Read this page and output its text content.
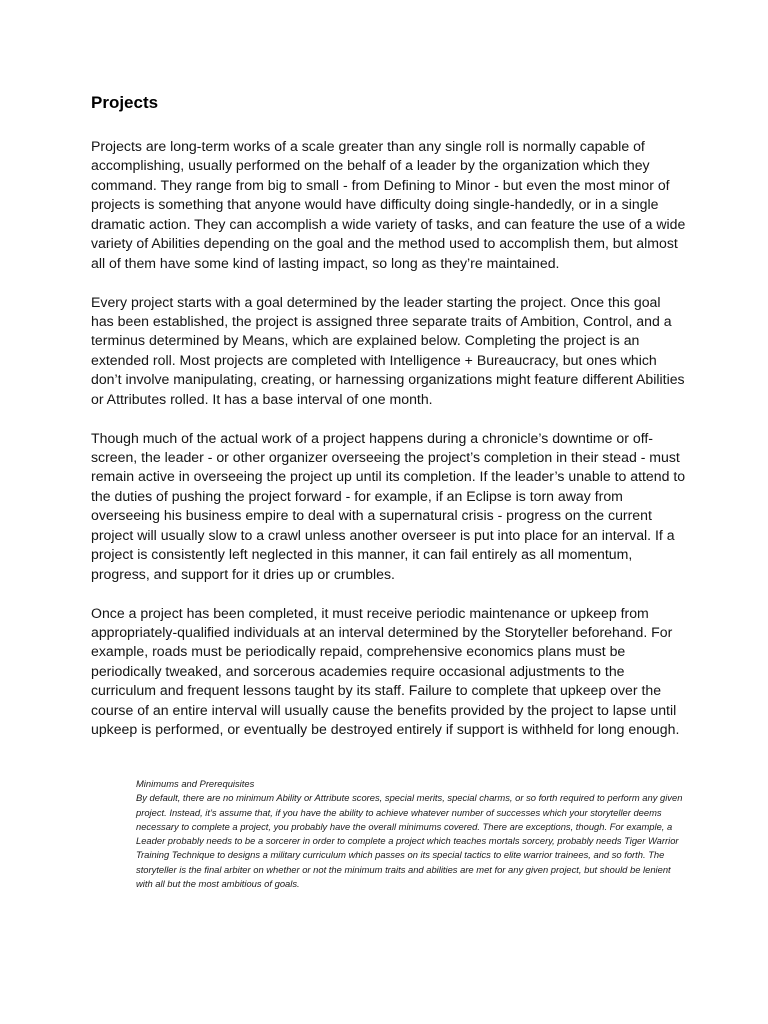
Projects

Projects are long-term works of a scale greater than any single roll is normally capable of accomplishing, usually performed on the behalf of a leader by the organization which they command. They range from big to small - from Defining to Minor - but even the most minor of projects is something that anyone would have difficulty doing single-handedly, or in a single dramatic action. They can accomplish a wide variety of tasks, and can feature the use of a wide variety of Abilities depending on the goal and the method used to accomplish them, but almost all of them have some kind of lasting impact, so long as they’re maintained.

Every project starts with a goal determined by the leader starting the project. Once this goal has been established, the project is assigned three separate traits of Ambition, Control, and a terminus determined by Means, which are explained below. Completing the project is an extended roll. Most projects are completed with Intelligence + Bureaucracy, but ones which don’t involve manipulating, creating, or harnessing organizations might feature different Abilities or Attributes rolled. It has a base interval of one month.

Though much of the actual work of a project happens during a chronicle’s downtime or off-screen, the leader - or other organizer overseeing the project’s completion in their stead - must remain active in overseeing the project up until its completion. If the leader’s unable to attend to the duties of pushing the project forward - for example, if an Eclipse is torn away from overseeing his business empire to deal with a supernatural crisis - progress on the current project will usually slow to a crawl unless another overseer is put into place for an interval. If a project is consistently left neglected in this manner, it can fail entirely as all momentum, progress, and support for it dries up or crumbles.

Once a project has been completed, it must receive periodic maintenance or upkeep from appropriately-qualified individuals at an interval determined by the Storyteller beforehand. For example, roads must be periodically repaid, comprehensive economics plans must be periodically tweaked, and sorcerous academies require occasional adjustments to the curriculum and frequent lessons taught by its staff. Failure to complete that upkeep over the course of an entire interval will usually cause the benefits provided by the project to lapse until upkeep is performed, or eventually be destroyed entirely if support is withheld for long enough.

Minimums and Prerequisites
By default, there are no minimum Ability or Attribute scores, special merits, special charms, or so forth required to perform any given project. Instead, it’s assume that, if you have the ability to achieve whatever number of successes which your storyteller deems necessary to complete a project, you probably have the overall minimums covered. There are exceptions, though. For example, a Leader probably needs to be a sorcerer in order to complete a project which teaches mortals sorcery, probably needs Tiger Warrior Training Technique to designs a military curriculum which passes on its special tactics to elite warrior trainees, and so forth. The storyteller is the final arbiter on whether or not the minimum traits and abilities are met for any given project, but should be lenient with all but the most ambitious of goals.
